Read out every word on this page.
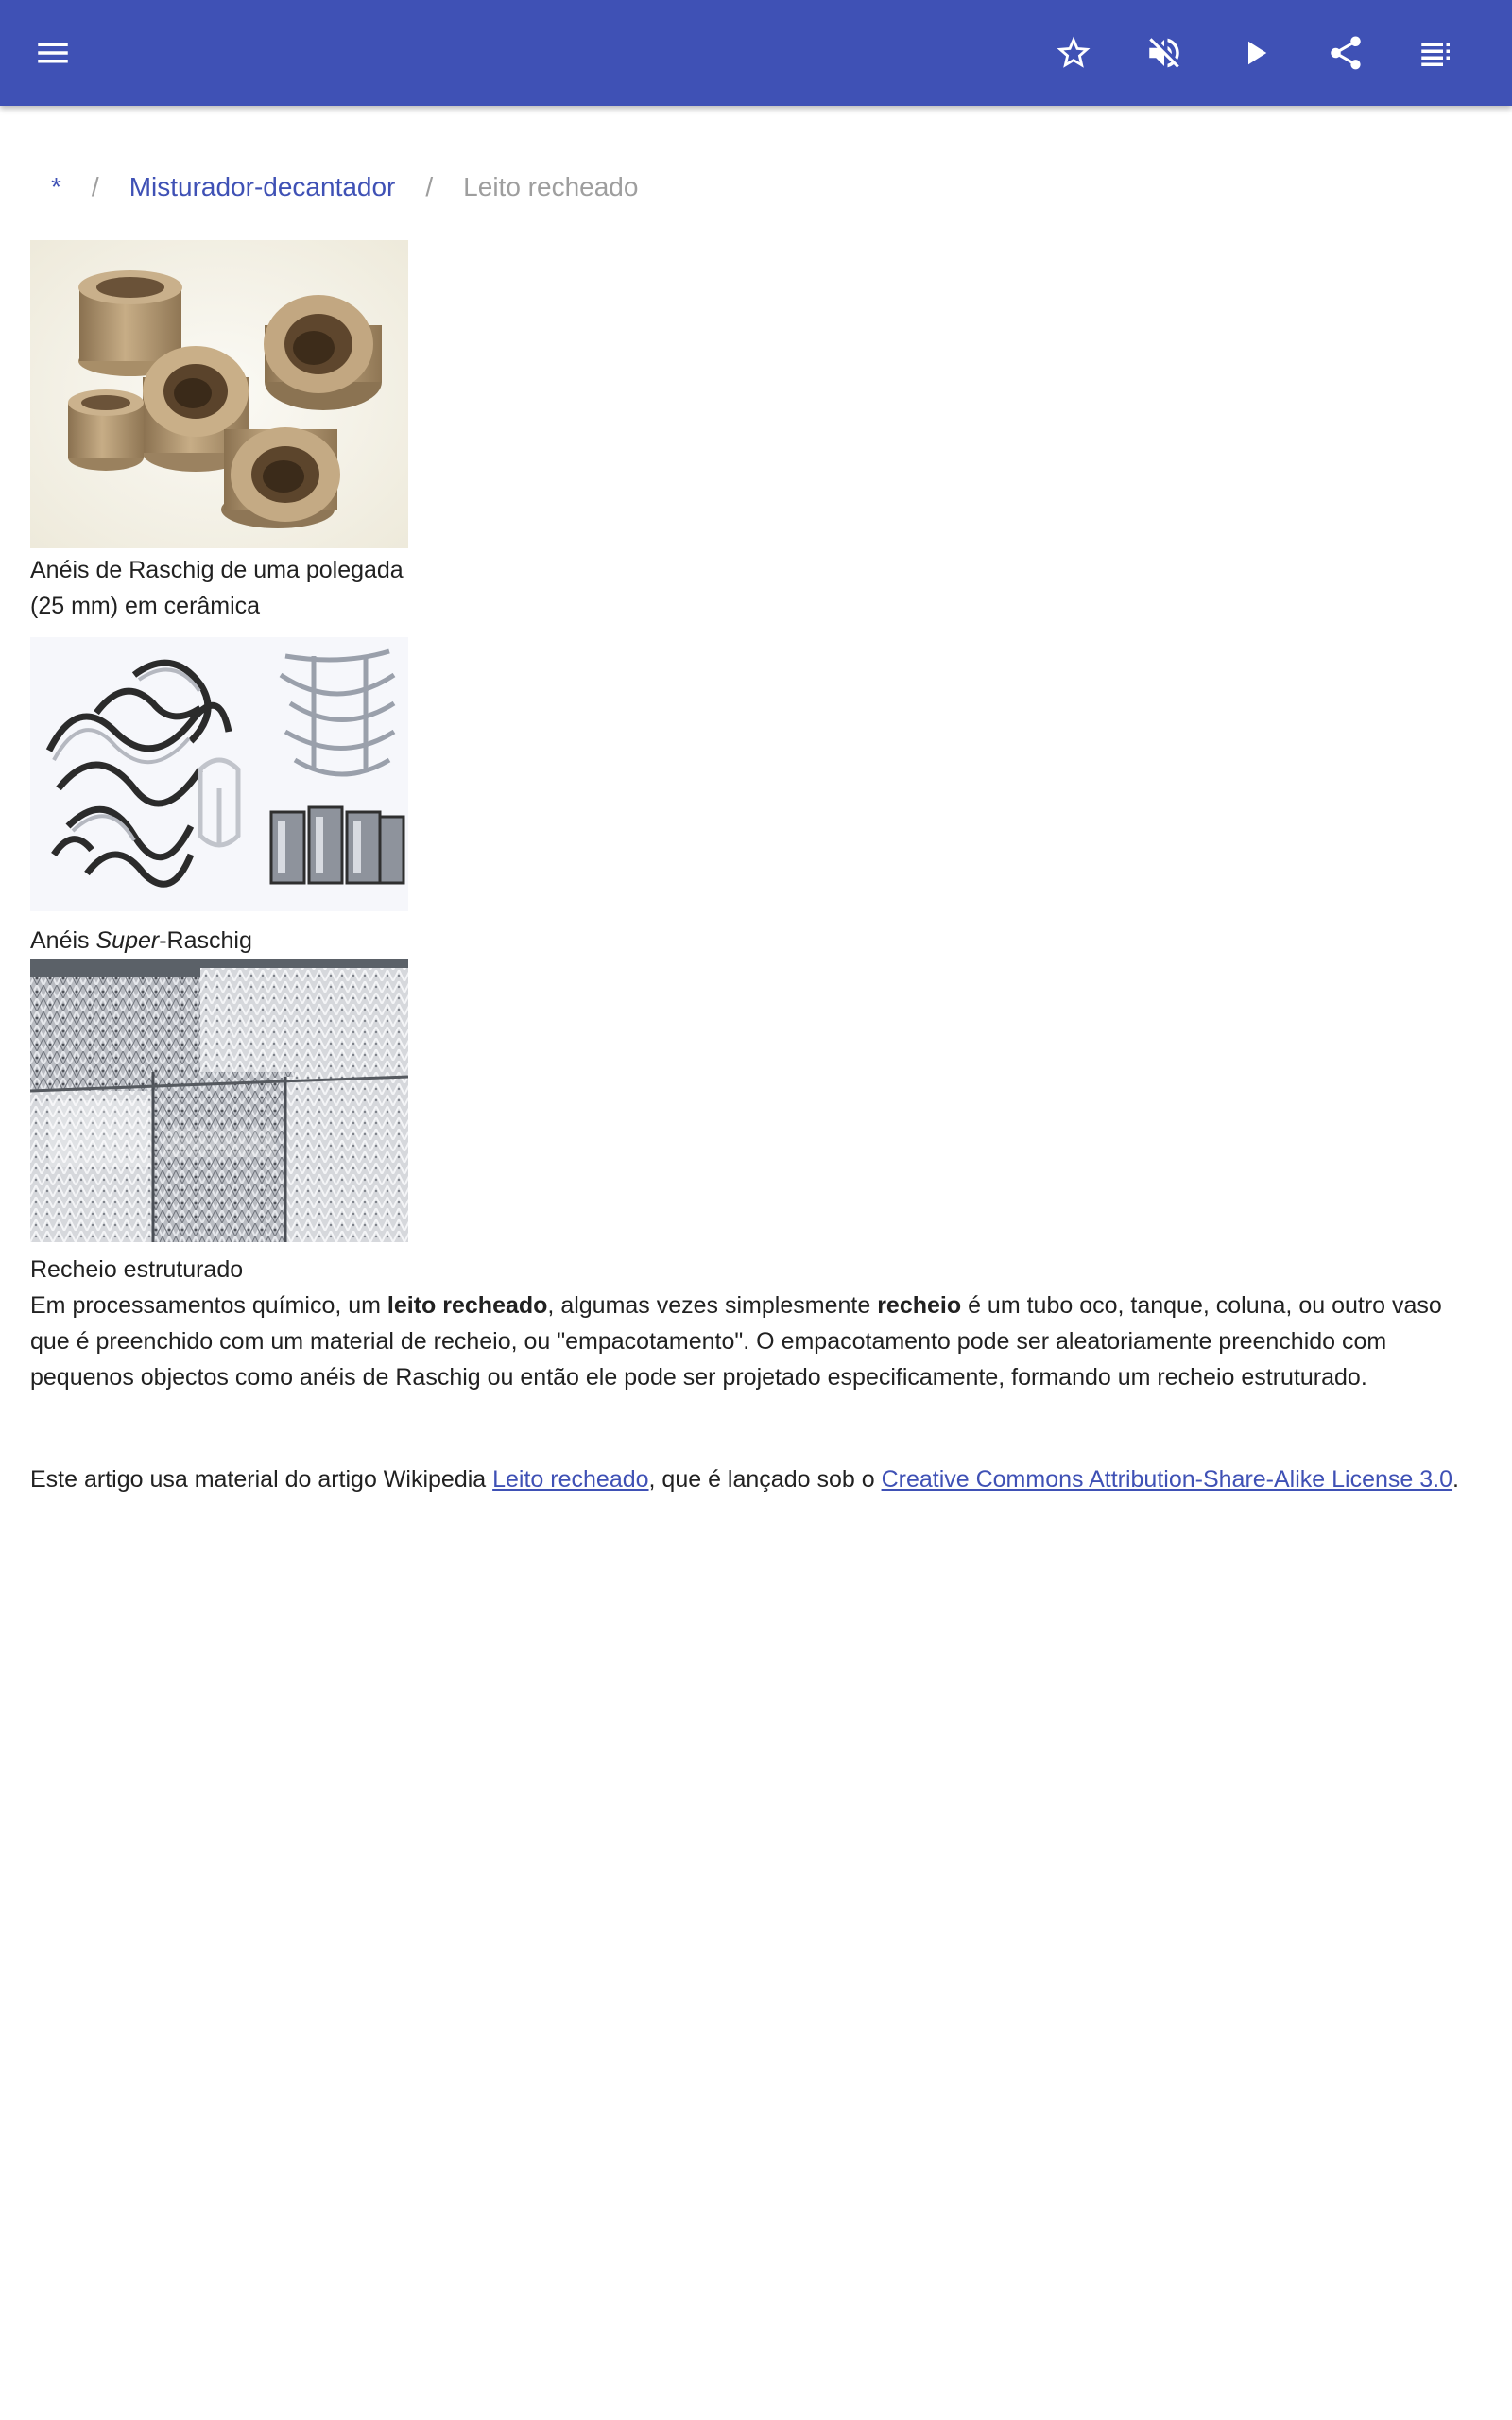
* / Misturador-decantador / Leito recheado
Anéis de Raschig de uma polegada (25 mm) em cerâmica
Anéis Super-Raschig
Recheio estruturado
Em processamentos químico, um leito recheado, algumas vezes simplesmente recheio é um tubo oco, tanque, coluna, ou outro vaso que é preenchido com um material de recheio, ou "empacotamento". O empacotamento pode ser aleatoriamente preenchido com pequenos objectos como anéis de Raschig ou então ele pode ser projetado especificamente, formando um recheio estruturado.
Este artigo usa material do artigo Wikipedia Leito recheado, que é lançado sob o Creative Commons Attribution-Share-Alike License 3.0.
